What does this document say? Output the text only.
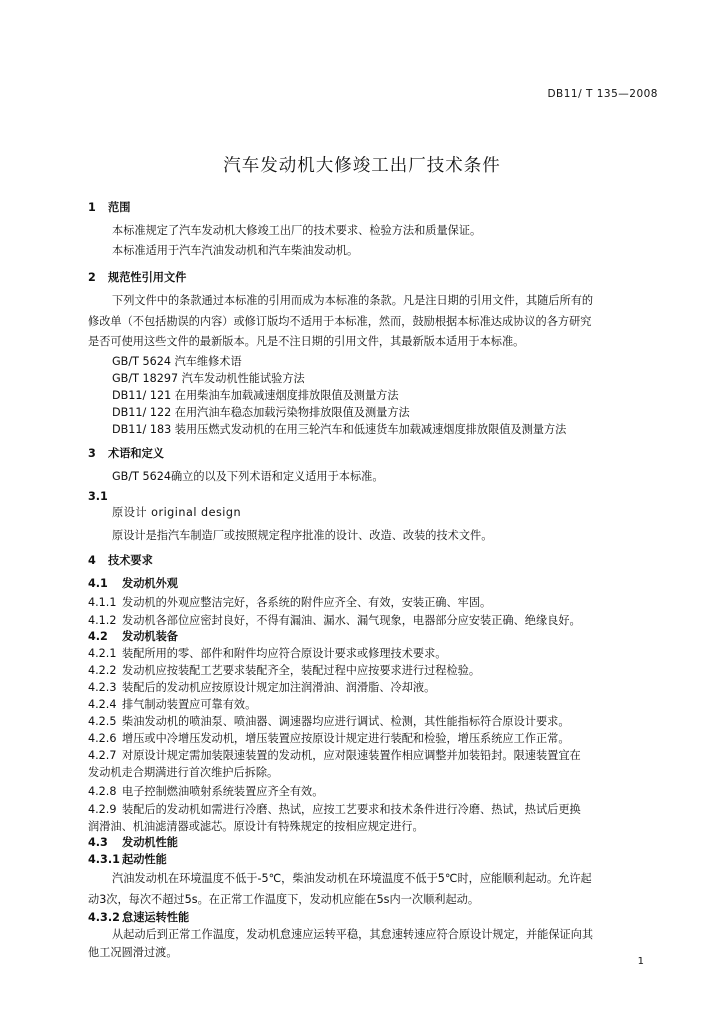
DB11/ T 135—2008
汽车发动机大修竣工出厂技术条件
1 范围
本标准规定了汽车发动机大修竣工出厂的技术要求、检验方法和质量保证。
本标准适用于汽车汽油发动机和汽车柴油发动机。
2 规范性引用文件
下列文件中的条款通过本标准的引用而成为本标准的条款。凡是注日期的引用文件，其随后所有的
修改单（不包括勘误的内容）或修订版均不适用于本标准，然而，鼓励根据本标准达成协议的各方研究
是否可使用这些文件的最新版本。凡是不注日期的引用文件，其最新版本适用于本标准。
GB/T 5624 汽车维修术语
GB/T 18297 汽车发动机性能试验方法
DB11/ 121 在用柴油车加载减速烟度排放限值及测量方法
DB11/ 122 在用汽油车稳态加载污染物排放限值及测量方法
DB11/ 183 装用压燃式发动机的在用三轮汽车和低速货车加载减速烟度排放限值及测量方法
3 术语和定义
GB/T 5624确立的以及下列术语和定义适用于本标准。
3.1
原设计 original design
原设计是指汽车制造厂或按照规定程序批准的设计、改造、改装的技术文件。
4 技术要求
4.1 发动机外观
4.1.1 发动机的外观应整洁完好，各系统的附件应齐全、有效，安装正确、牢固。
4.1.2 发动机各部位应密封良好，不得有漏油、漏水、漏气现象，电器部分应安装正确、绝缘良好。
4.2 发动机装备
4.2.1 装配所用的零、部件和附件均应符合原设计要求或修理技术要求。
4.2.2 发动机应按装配工艺要求装配齐全，装配过程中应按要求进行过程检验。
4.2.3 装配后的发动机应按原设计规定加注润滑油、润滑脂、冷却液。
4.2.4 排气制动装置应可靠有效。
4.2.5 柴油发动机的喷油泵、喷油器、调速器均应进行调试、检测，其性能指标符合原设计要求。
4.2.6 增压或中冷增压发动机，增压装置应按原设计规定进行装配和检验，增压系统应工作正常。
4.2.7 对原设计规定需加装限速装置的发动机，应对限速装置作相应调整并加装铅封。限速装置宜在
发动机走合期满进行首次维护后拆除。
4.2.8 电子控制燃油喷射系统装置应齐全有效。
4.2.9 装配后的发动机如需进行冷磨、热试，应按工艺要求和技术条件进行冷磨、热试，热试后更换
润滑油、机油滤清器或滤芯。原设计有特殊规定的按相应规定进行。
4.3 发动机性能
4.3.1 起动性能
汽油发动机在环境温度不低于-5℃，柴油发动机在环境温度不低于5℃时，应能顺利起动。允许起
动3次，每次不超过5s。在正常工作温度下，发动机应能在5s内一次顺利起动。
4.3.2 怠速运转性能
从起动后到正常工作温度，发动机怠速应运转平稳，其怠速转速应符合原设计规定，并能保证向其
他工况圆滑过渡。
1
